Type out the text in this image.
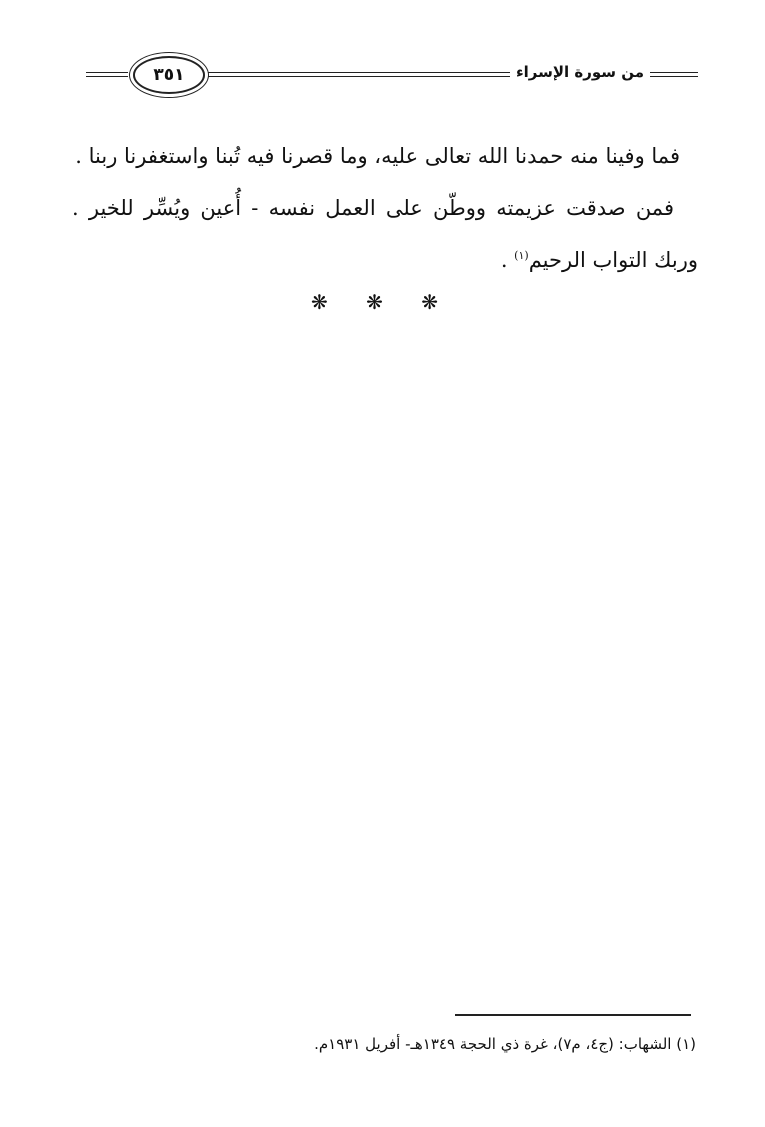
من سورة الإسراء
٣٥١

فما وفينا منه حمدنا الله تعالى عليه، وما قصرنا فيه تُبنا واستغفرنا ربنا .

فمن صدقت عزيمته ووطّن على العمل نفسه - أُعين ويُسِّر للخير . وربك التواب الرحيم$^{(١)}$ .

❋ ❋ ❋
(١) الشهاب: (ج٤، م٧)، غرة ذي الحجة ١٣٤٩هـ- أفريل ١٩٣١م.
